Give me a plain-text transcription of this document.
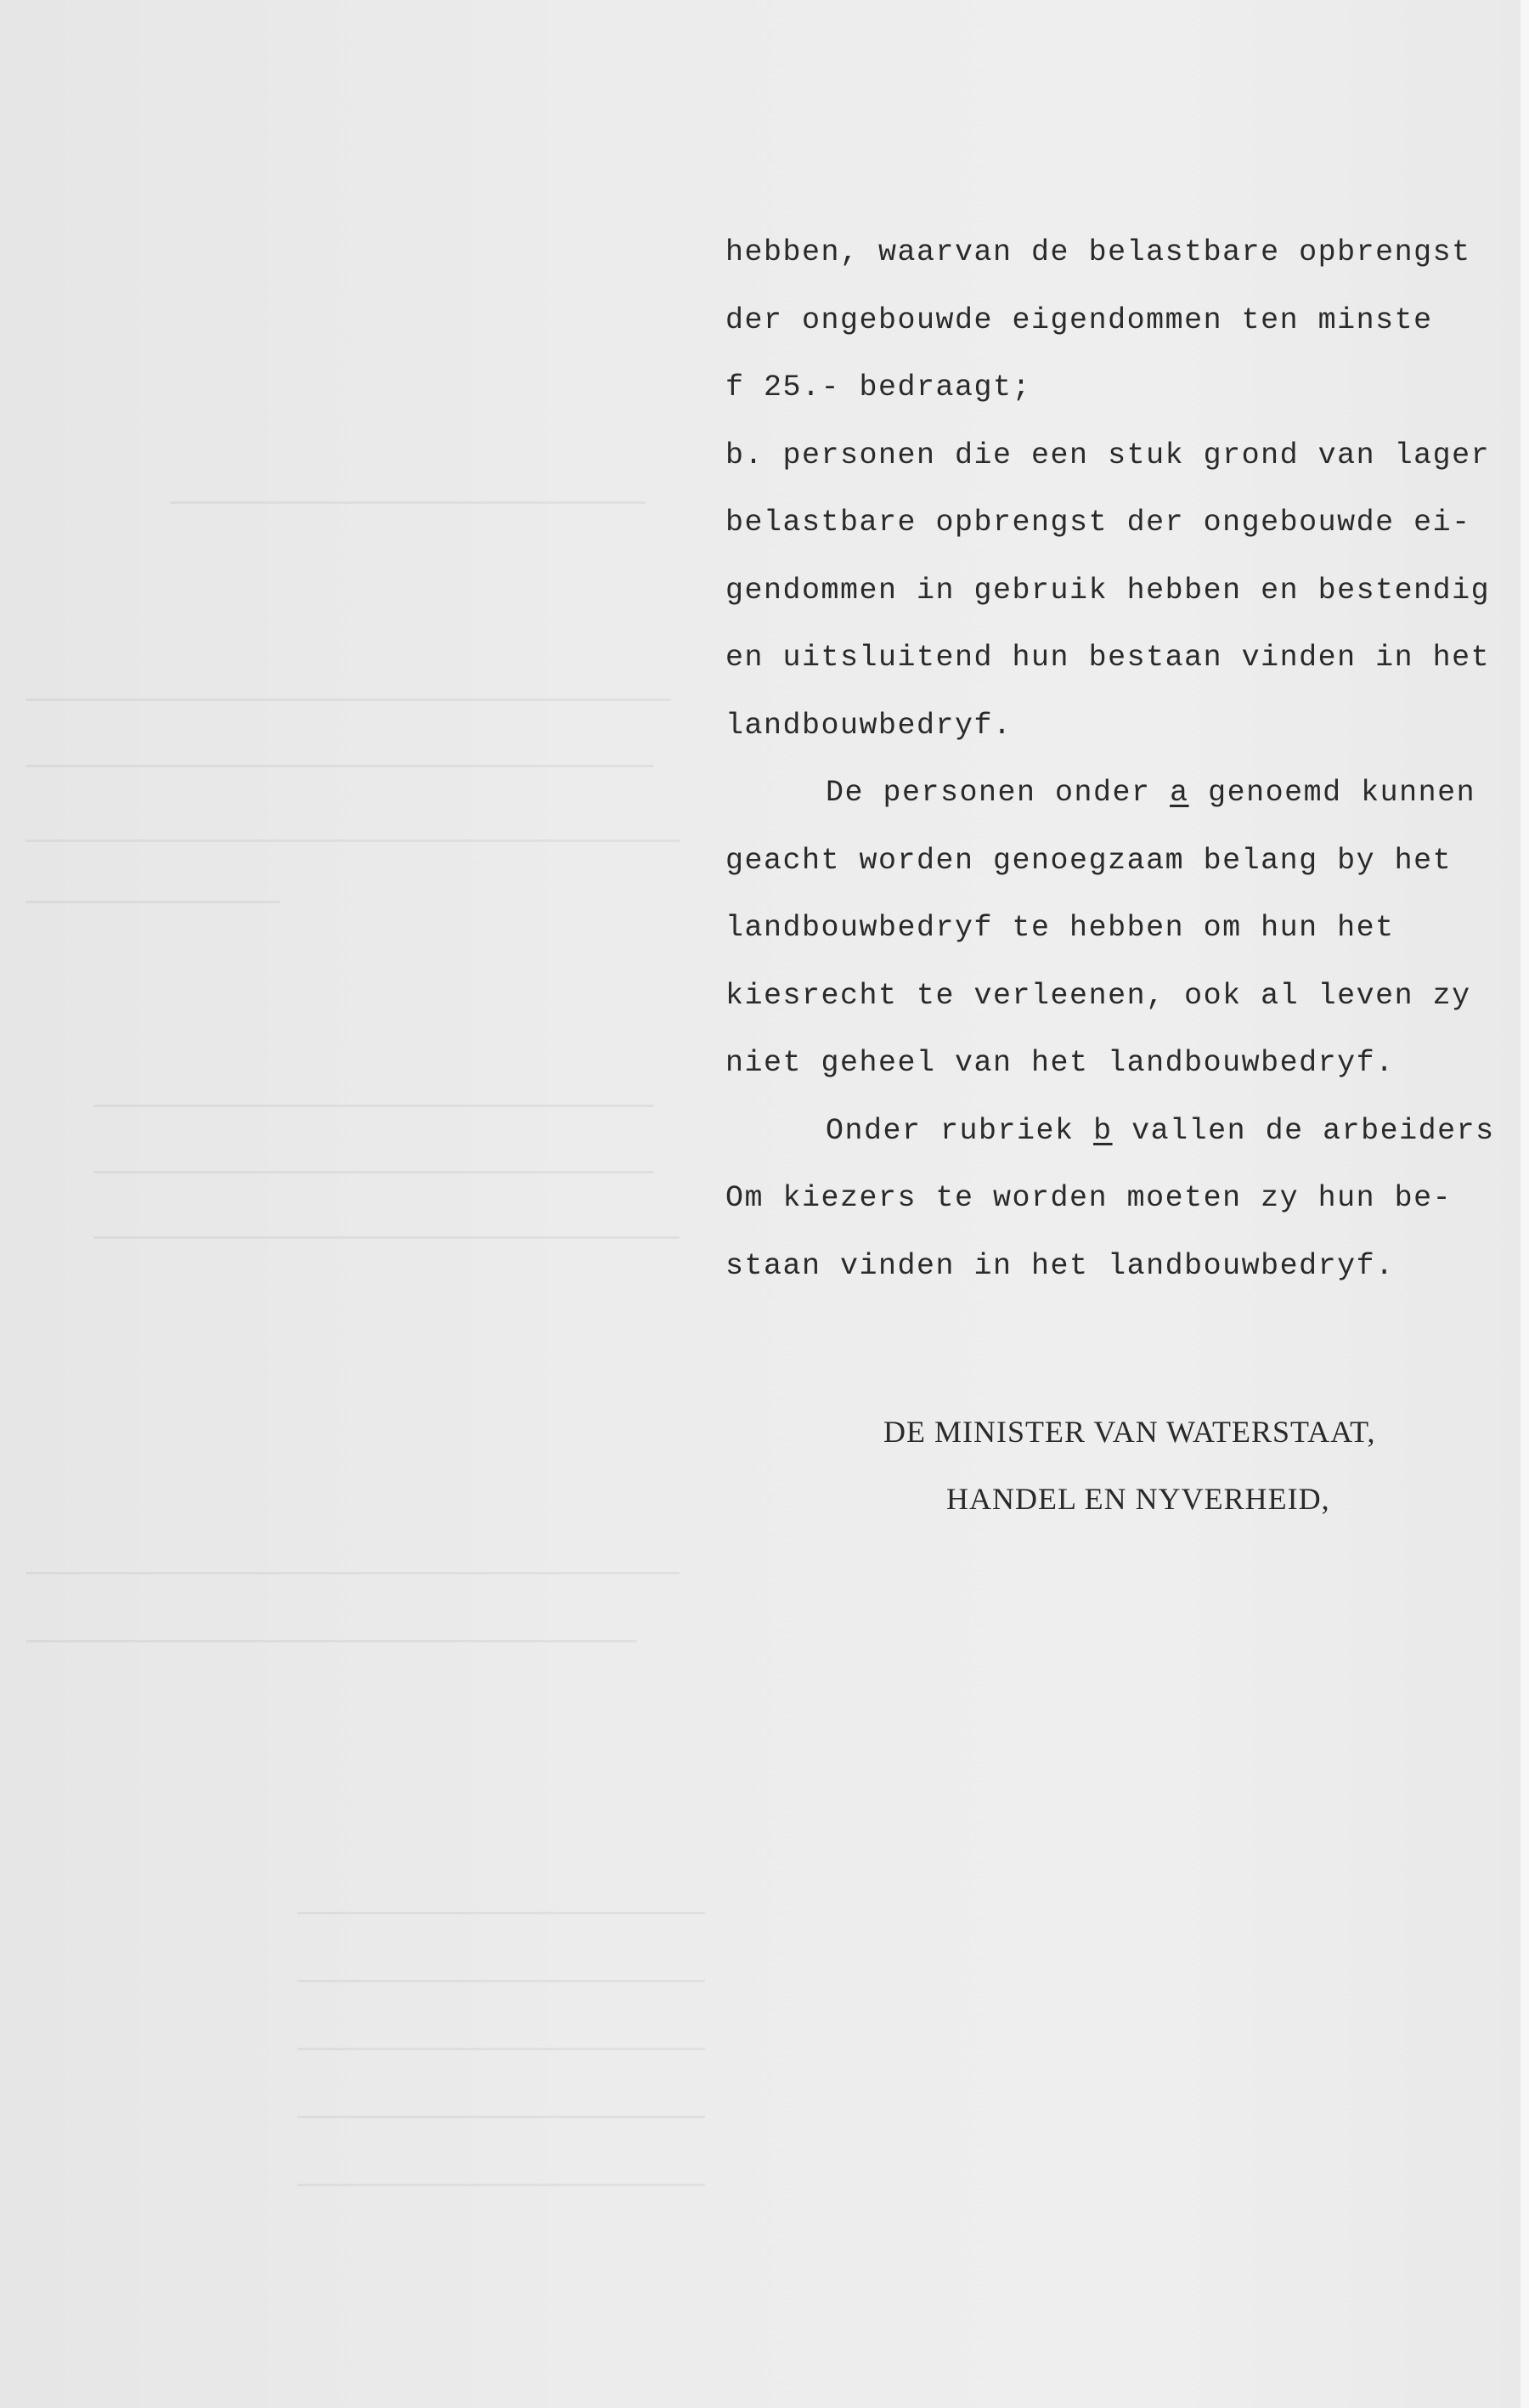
hebben, waarvan de belastbare opbrengst
der ongebouwde eigendommen ten minste
f 25.- bedraagt;
b. personen die een stuk grond van lager
belastbare opbrengst der ongebouwde ei-
gendommen in gebruik hebben en bestendig
en uitsluitend hun bestaan vinden in het
landbouwbedryf.
De personen onder a genoemd kunnen
geacht worden genoegzaam belang by het
landbouwbedryf te hebben om hun het
kiesrecht te verleenen, ook al leven zy
niet geheel van het landbouwbedryf.
Onder rubriek b vallen de arbeiders
Om kiezers te worden moeten zy hun be-
staan vinden in het landbouwbedryf.
DE MINISTER VAN WATERSTAAT,
HANDEL EN NYVERHEID,
